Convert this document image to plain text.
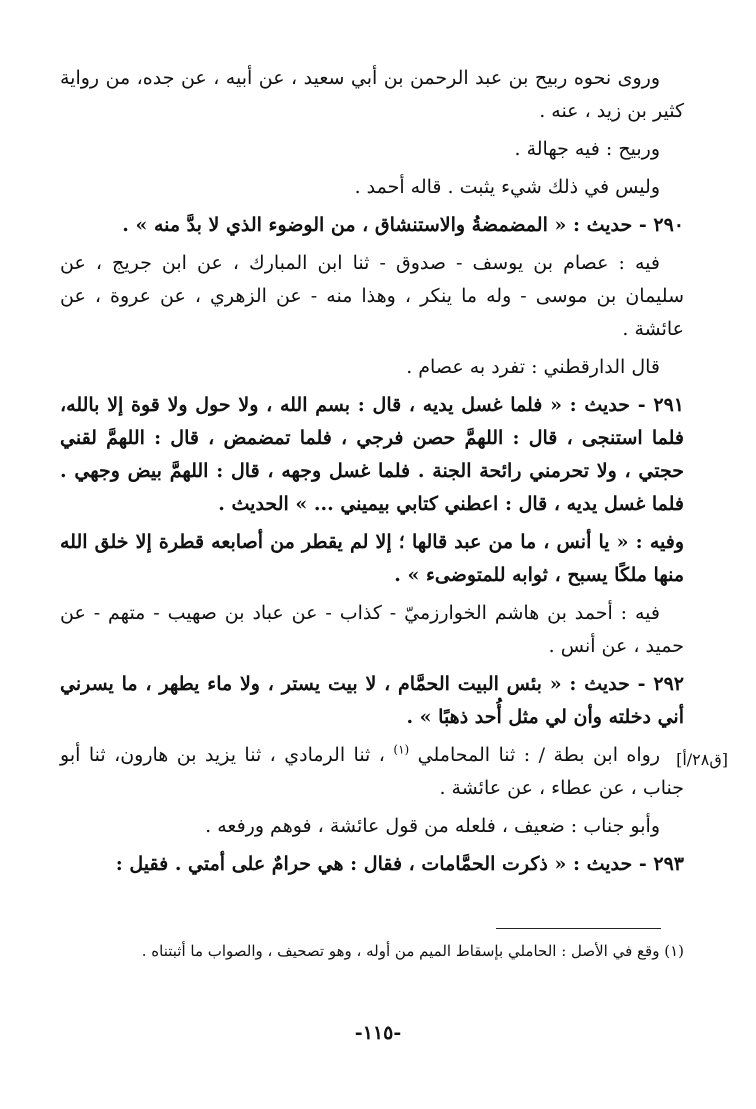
وروى نحوه ربيح بن عبد الرحمن بن أبي سعيد ، عن أبيه ، عن جده، من رواية كثير بن زيد ، عنه .

وربيح : فيه جهالة .

وليس في ذلك شيء يثبت . قاله أحمد .

٢٩٠ - حديث : « المضمضةُ والاستنشاق ، من الوضوء الذي لا بدَّ منه » .

فيه : عصام بن يوسف - صدوق - ثنا ابن المبارك ، عن ابن جريج ، عن سليمان بن موسى - وله ما ينكر ، وهذا منه - عن الزهري ، عن عروة ، عن عائشة .

قال الدارقطني : تفرد به عصام .

٢٩١ - حديث : « فلما غسل يديه ، قال : بسم الله ، ولا حول ولا قوة إلا بالله، فلما استنجى ، قال : اللهمَّ حصن فرجي ، فلما تمضمض ، قال : اللهمَّ لقني حجتي ، ولا تحرمني رائحة الجنة . فلما غسل وجهه ، قال : اللهمَّ بيض وجهي . فلما غسل يديه ، قال : اعطني كتابي بيميني ... » الحديث .

وفيه : « يا أنس ، ما من عبد قالها ؛ إلا لم يقطر من أصابعه قطرة إلا خلق الله منها ملكًا يسبح ، ثوابه للمتوضىء » .

فيه : أحمد بن هاشم الخوارزميّ - كذاب - عن عباد بن صهيب - متهم - عن حميد ، عن أنس .

٢٩٢ - حديث : « بئس البيت الحمَّام ، لا بيت يستر ، ولا ماء يطهر ، ما يسرني أني دخلته وأن لي مثل أُحد ذهبًا » .

رواه ابن بطة / : ثنا المحاملي $^{(١)}$ ، ثنا الرمادي ، ثنا يزيد بن هارون، ثنا أبو جناب ، عن عطاء ، عن عائشة .
[ق٢٨/أ]

وأبو جناب : ضعيف ، فلعله من قول عائشة ، فوهم ورفعه .

٢٩٣ - حديث : « ذكرت الحمَّامات ، فقال : هي حرامٌ على أمتي . فقيل :

(١) وقع في الأصل : الحاملي بإسقاط الميم من أوله ، وهو تصحيف ، والصواب ما أثبتناه .
-١١٥-
